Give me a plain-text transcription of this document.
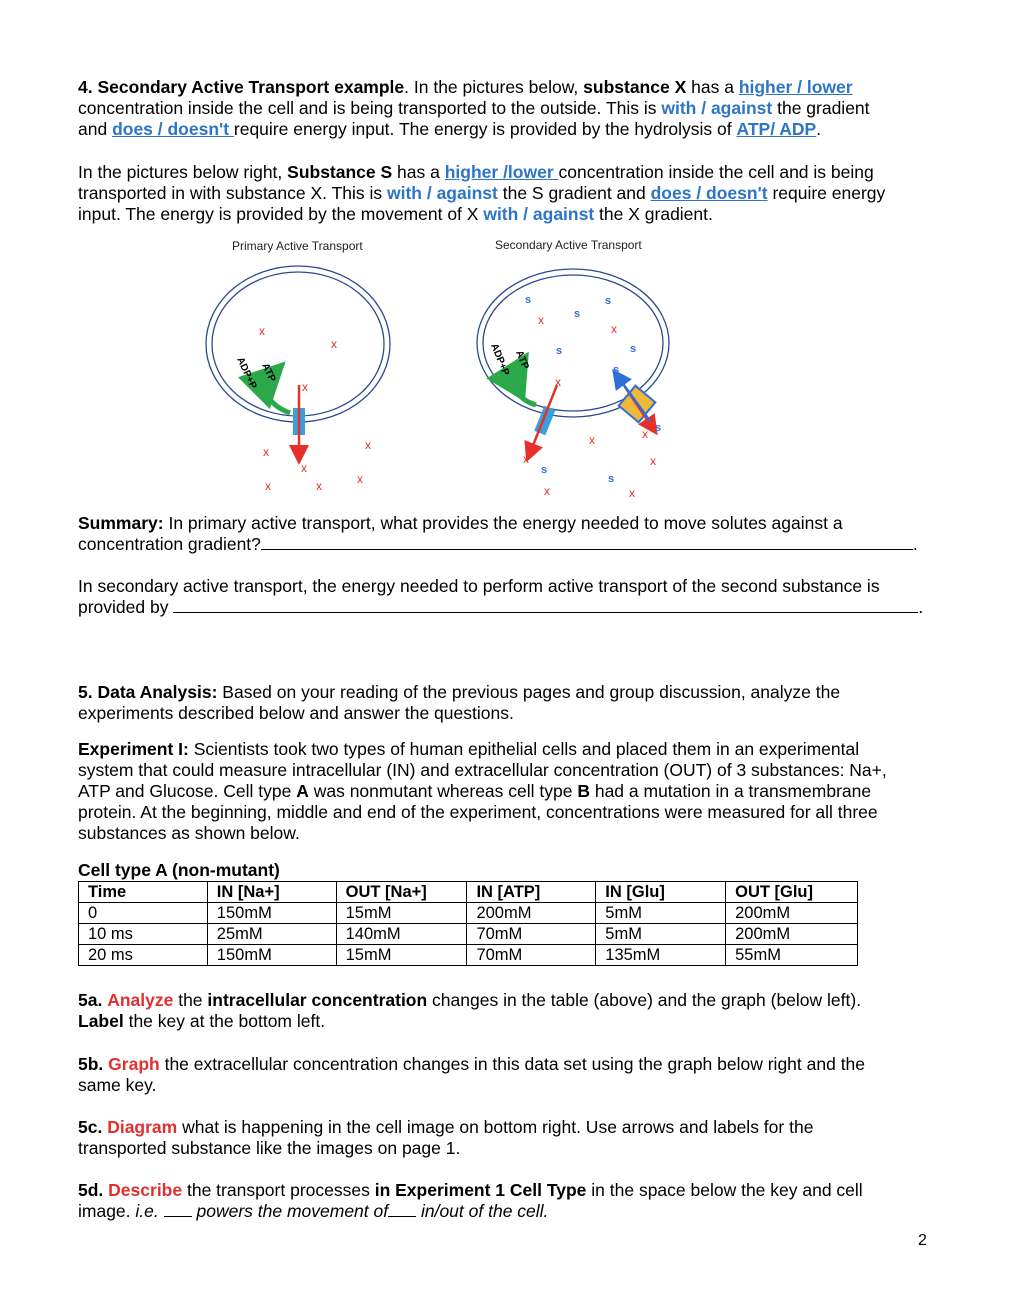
4. Secondary Active Transport example. In the pictures below, substance X has a higher / lower

concentration inside the cell and is being transported to the outside. This is with / against the gradient

and does / doesn't require energy input. The energy is provided by the hydrolysis of ATP/ ADP.

In the pictures below right, Substance S has a higher /lower concentration inside the cell and is being

transported in with substance X. This is with / against the S gradient and does / doesn't require energy

input. The energy is provided by the movement of X with / against the X gradient.

Primary Active Transport	Secondary Active Transport
ATP
ADP+P
x
x
x
x	x
x
x
x	x
ATP
ADP+P
x
x
x
x	x
x
x
x	x
s	s
s
s	s
s
s
s
s

Summary: In primary active transport, what provides the energy needed to move solutes against a

concentration gradient?	.

In secondary active transport, the energy needed to perform active transport of the second substance is

provided by	.

5. Data Analysis: Based on your reading of the previous pages and group discussion, analyze the

experiments described below and answer the questions.

Experiment I: Scientists took two types of human epithelial cells and placed them in an experimental

system that could measure intracellular (IN) and extracellular concentration (OUT) of 3 substances: Na+,

ATP and Glucose. Cell type A was nonmutant whereas cell type B had a mutation in a transmembrane

protein. At the beginning, middle and end of the experiment, concentrations were measured for all three

substances as shown below.

Cell type A (non-mutant)
Time	IN [Na+]	OUT [Na+]	IN [ATP]	IN [Glu]	OUT [Glu]
0	150mM	15mM	200mM	5mM	200mM
10 ms	25mM	140mM	70mM	5mM	200mM
20 ms	150mM	15mM	70mM	135mM	55mM

5a. Analyze the intracellular concentration changes in the table (above) and the graph (below left).

Label the key at the bottom left.

5b. Graph the extracellular concentration changes in this data set using the graph below right and the

same key.

5c. Diagram what is happening in the cell image on bottom right. Use arrows and labels for the

transported substance like the images on page 1.

5d. Describe the transport processes in Experiment 1 Cell Type in the space below the key and cell

image. i.e.  powers the movement of in/out of the cell.

2
